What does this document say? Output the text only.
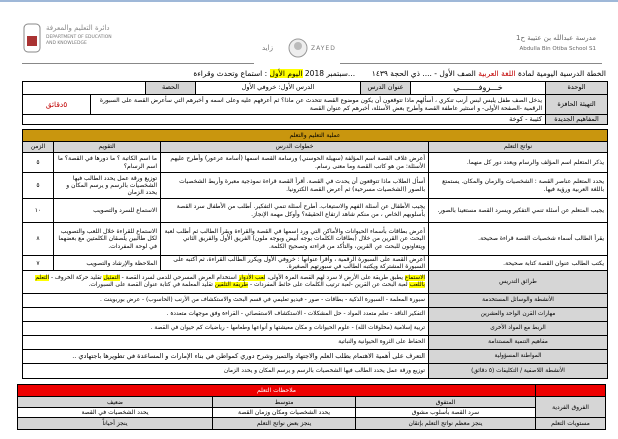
دائرة التعليم والمعرفة
DEPARTMENT OF EDUCATION
AND KNOWLEDGE
زايد	ZAYED
مدرسة عبدالله بن عتيبة ح1
Abdulla Bin Otiba School S1
الخطة الدرسية اليومية لمادة اللغة العربية الصف الأول - .... ذي الحجة ١٤٣٩       ...سبتمبر 2018 اليوم الأول : استماع وتحدث وقراءة
الوحدة	خـــروفــــــــي	عنوان الدرس	الدرس الأول: خروفي الأول	الحصة		
التهيئة الحافزة	يدخل الصف طفل يلبس لبس أرنب تنكري ، أسألهم ماذا تتوقعون أن يكون موضوع القصة تتحدث عن ماذا؟ ثم أعرفهم عليه وعلى اسمه و أخبرهم التي سأعرض القصة على السبورة الرقمية -الصفحة الأولى- و استثير عاطفة القصة وأطرح بعض الأسئلة، أخبرهم كم عنوان القصة					٥دقائق
المفاهيم الجديدة	كئيبة - كوخة					
عملية التعليم والتعلم			
نواتج التعلم	خطوات الدرس	التقويم	الزمن
يذكر المتعلم اسم المؤلف والرسام ويعدد دور كل منهما.	أعرض غلاف القصة اسم المؤلفة (سهيلة الحوسني) ورسامة القصة اسمها (أسامة عرعور) وأطرح عليهم الأسئلة: من هو كاتب القصة وما معنى رسام.	ما اسم الكاتبة ؟ ما دورها في القصة؟ ما اسم الرسام؟	٥
يحدد المتعلم عناصر القصة : الشخصيات والزمان والمكان. يستمتع باللغة العربية ورؤية فيها.	أسأل الطلاب ماذا تتوقعون أن يحدث في القصة. أقرأ القصة قراءة نموذجية معبرة وأربط الشخصيات بالصور (الشخصيات مسرحية) ثم أعرض القصة الكترونيا.	توزيع ورقة عمل يحدد الطالب فيها الشخصيات بالرسم و يرسم المكان و يحدد الزمان	٥
يجيب المتعلم عن أسئلة تنمي التفكير ويسرد القصة مستعينا بالصور.	يجيب الأطفال عن أسئلة الفهم والاستيعاب. أطرح أسئلة تنمي التفكير. أطلب من الأطفال سرد القصة بأسلوبهم الخاص ، من منكم شاهد ارتفاع الحقيقة؟ وأوكل مهمة الإنجاز.	الاستماع للسرد والتصويب	١٠
يقرأ الطالب أسماء شخصيات القصة قراءة صحيحة.	أعرض بطاقات بأسماء الحيوانات والأماكن التي ورد اسمها في القصة والقراءة ويقرأ الطالب ثم أطلب لعبة البحث عن القرين من خلال (بطاقات الكلمات بوجه أبيض وبوجه ملون) الفريق الأول والفريق الثاني ويتعاونون للبحث عن القرين، والتأكد من قراءته وتصحيح الكلمة.	الاستماع للقراءة خلال اللعب والتصويب لكل طالبين يلصقان الكلمتين مع بعضهما في لوحة المفردات.	٨
يكتب الطالب عنوان القصة كتابة صحيحة.	أعرض القصة على السبورة الرقمية ، وأقرأ عنوانها : خروفي الأول ويكرر الطالب القراءة، ثم أكتبه على السبورة المشتركة ويكتبه الطالب في سبورتهم الصغيرة.	الملاحظة والإرشاد والتصويب	٧
طرائق التدريس	الاستماع يطبق طريقة على الأرض لا سرد لهم القصة المرة الأولى، لعب الأدوار استخدام العرض المسرحي للدمى لسرد القصة - التمثيل تقليد حركة الخروف - التعلم باللعب لعبة البحث عن القرين -لعبة ترتيب الكلمات على حائط المفردات - طريقة التلقين تقليد المعلمة في كتابة عنوان القصة على السبورات.
الأنشطة والوسائل المستخدمة	سبورة المعلمة - السبورة الذكية - بطاقات - صور - فيديو تعليمي في قسم البحث والاستكشاف من الأرنب (الحاسوب) - عرض بوربوينت .
مهارات القرن الواحد والعشرين	التفكير الناقد - تعلم متعدد المواد - حل المشكلات - الاستكشاف الاستقصائي - القراءة وفق موجهات متعددة .
الربط مع المواد الأخرى	تربية إسلامية (مخلوقات الله) - علوم الحيوانات و مكان معيشتها و أنواعها وطعامها - رياضيات كم حيوان في القصة .
مفاهيم التنمية المستدامة	الحفاظ على الثروة الحيوانية والنباتية
المواطنة المسؤولية	التعرف على أهمية الاهتمام بطلب العلم والاجتهاد والتميز وشرح دوري كمواطن في بناء الإمارات و المساعدة في تطويرها باجتهادي ..
الأنشطة اللاصفية / التكليفات (٥ دقائق)	توزيع ورقة عمل يحدد الطالب فيها الشخصيات بالرسم و يرسم المكان و يحدد الزمان
	ملاحظات التعلم		
الفروق الفردية	المتفوق	متوسط	ضعيف
	سرد القصة بأسلوب مشوق	يحدد الشخصيات ومكان وزمان القصة	يحدد الشخصيات في القصة
مستويات التعلم	ينجز معظم نواتج التعلم بإتقان	ينجز بعض نواتج التعلم	ينجز أحياناً
